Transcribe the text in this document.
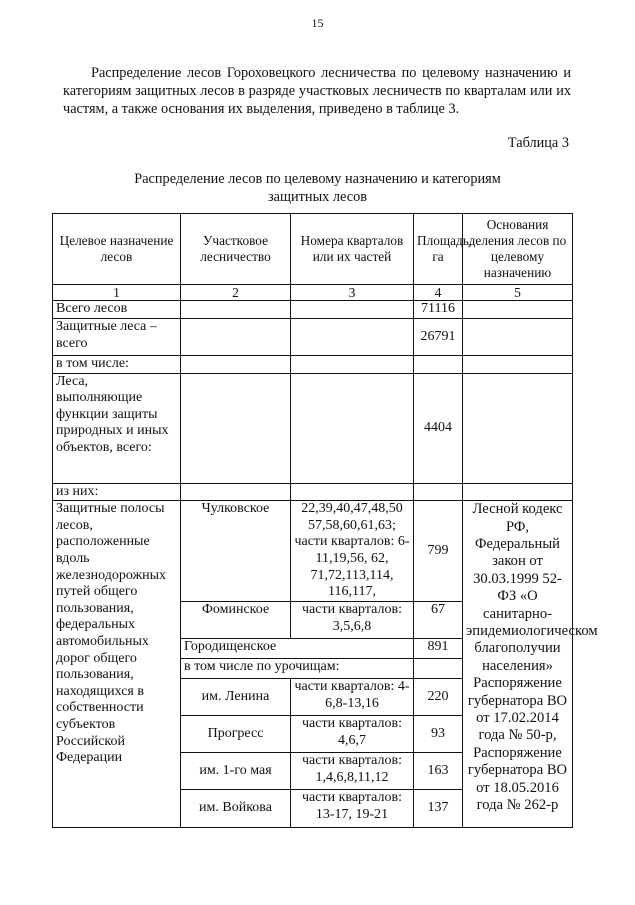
15

Распределение лесов Гороховецкого лесничества по целевому назначению и категориям защитных лесов в разряде участковых лесничеств по кварталам или их частям, а также основания их выделения, приведено в таблице 3.

Таблица 3
Распределение лесов по целевому назначению и категориям
защитных лесов
Целевое назначение лесов	Участковое лесничество	Номера кварталов или их частей	Площадь, га	Основания деления лесов по целевому назначению
1	2	3	4	5
Всего лесов			71116	
Защитные леса – всего			26791	
в том числе:				
Леса, выполняющие функции защиты природных и иных объектов, всего:			4404	
из них:				
Защитные полосы лесов, расположенные вдоль железнодорожных путей общего пользования, федеральных автомобильных дорог общего пользования, находящихся в собственности субъектов Российской Федерации	Чулковское	22,39,40,47,48,50 57,58,60,61,63; части кварталов: 6-11,19,56, 62, 71,72,113,114, 116,117,	799	Лесной кодекс РФ, Федеральный закон от 30.03.1999 52-ФЗ «О санитарно-эпидемиологическом благополучии населения» Распоряжение губернатора ВО от 17.02.2014 года № 50-р, Распоряжение губернатора ВО от 18.05.2016 года № 262-р
	Фоминское	части кварталов: 3,5,6,8	67	
	Городищенское		891	
	в том числе по урочищам:			
	им. Ленина	части кварталов: 4-6,8-13,16	220	
	Прогресс	части кварталов: 4,6,7	93	
	им. 1-го мая	части кварталов: 1,4,6,8,11,12	163	
	им. Войкова	части кварталов: 13-17, 19-21	137	
